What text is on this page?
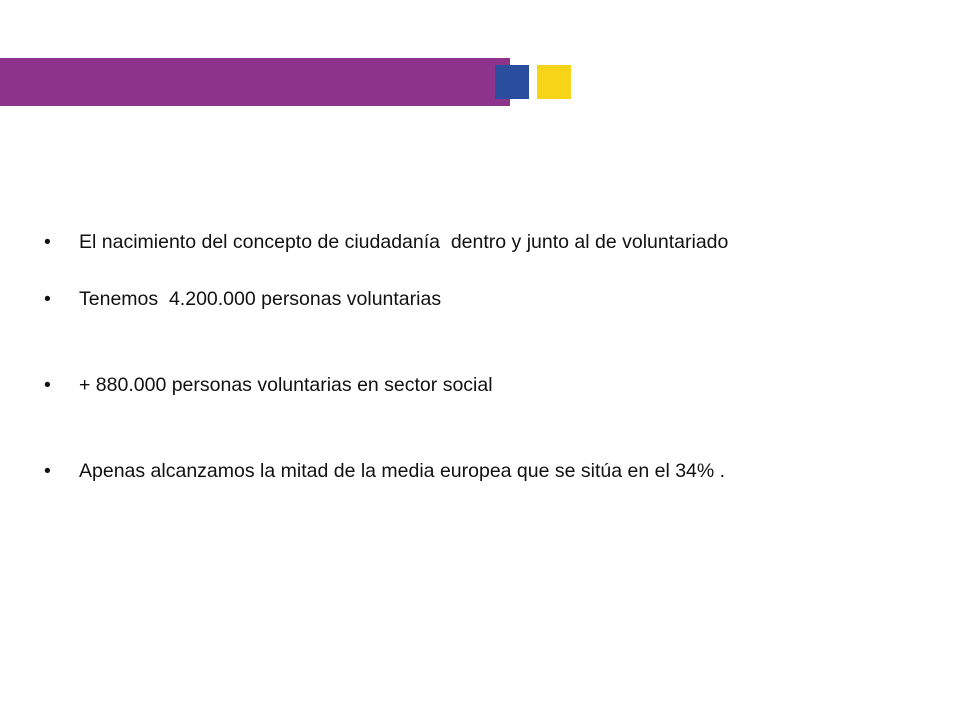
• El nacimiento del concepto de ciudadanía  dentro y junto al de voluntariado
• Tenemos  4.200.000 personas voluntarias
• + 880.000 personas voluntarias en sector social
• Apenas alcanzamos la mitad de la media europea que se sitúa en el 34% .
